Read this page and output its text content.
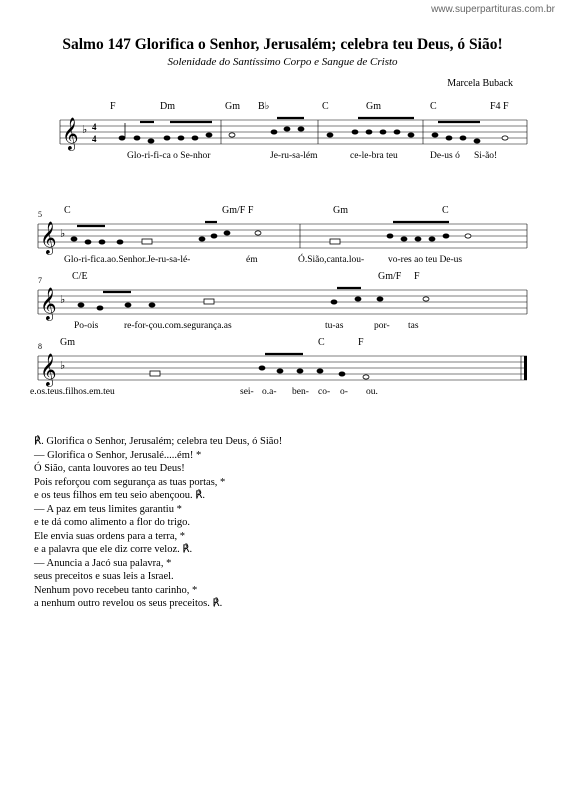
www.superpartituras.com.br
Salmo 147 Glorifica o Senhor, Jerusalém; celebra teu Deus, ó Sião!
Solenidade do Santíssimo Corpo e Sangue de Cristo
Marcela Buback
F	Dm	Gm B♭	C	Gm	C	F4 F
𝄞 ♭ 4
4
Glo-ri-fi-ca o Se-nhor	Je-ru-sa-lém	ce-le-bra teu	De-us ó Si-ão!
5 C	Gm/F F	Gm	C
𝄞 ♭
Glo-ri-fica.ao.Senhor.Je-ru-sa-lé-	ém	Ó.Sião,canta.lou-	vo-res ao teu De-us
7	C/E	Gm/F F
𝄞 ♭
Po-ois	re-for-çou.com.segurança.as	tu-as	por- tas
8 Gm	C	F
𝄞 ♭
e.os.teus.filhos.em.teu	sei- o.a- ben- co- o- ou.
℟. Glorifica o Senhor, Jerusalém; celebra teu Deus, ó Sião!
— Glorifica o Senhor, Jerusalé.....ém! *
Ó Sião, canta louvores ao teu Deus!
Pois reforçou com segurança as tuas portas, *
e os teus filhos em teu seio abençoou. ℟.
— A paz em teus limites garantiu *
e te dá como alimento a flor do trigo.
Ele envia suas ordens para a terra, *
e a palavra que ele diz corre veloz. ℟.
— Anuncia a Jacó sua palavra, *
seus preceitos e suas leis a Israel.
Nenhum povo recebeu tanto carinho, *
a nenhum outro revelou os seus preceitos. ℟.
